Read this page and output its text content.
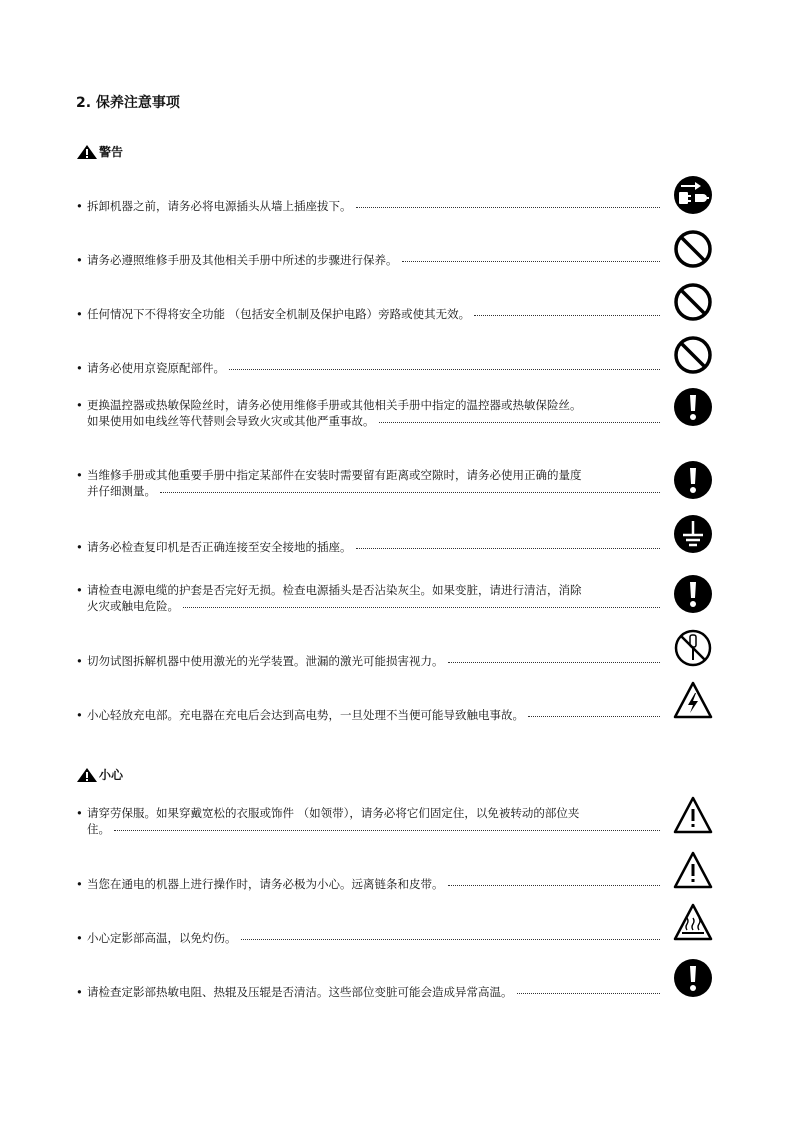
2. 保养注意事项
警告
小心
• 拆卸机器之前，请务必将电源插头从墙上插座拔下。
• 请务必遵照维修手册及其他相关手册中所述的步骤进行保养。
• 任何情况下不得将安全功能 （包括安全机制及保护电路）旁路或使其无效。
• 请务必使用京瓷原配部件。
• 更换温控器或热敏保险丝时，请务必使用维修手册或其他相关手册中指定的温控器或热敏保险丝。
如果使用如电线丝等代替则会导致火灾或其他严重事故。
• 当维修手册或其他重要手册中指定某部件在安装时需要留有距离或空隙时，请务必使用正确的量度
并仔细测量。
• 请务必检查复印机是否正确连接至安全接地的插座。
• 请检查电源电缆的护套是否完好无损。检查电源插头是否沾染灰尘。如果变脏，请进行清洁，消除
火灾或触电危险。
• 切勿试图拆解机器中使用激光的光学装置。泄漏的激光可能损害视力。
• 小心轻放充电部。充电器在充电后会达到高电势，一旦处理不当便可能导致触电事故。
• 请穿劳保服。如果穿戴宽松的衣服或饰件 （如领带），请务必将它们固定住，以免被转动的部位夹
住。
• 当您在通电的机器上进行操作时，请务必极为小心。远离链条和皮带。
• 小心定影部高温，以免灼伤。
• 请检查定影部热敏电阻、热辊及压辊是否清洁。这些部位变脏可能会造成异常高温。
